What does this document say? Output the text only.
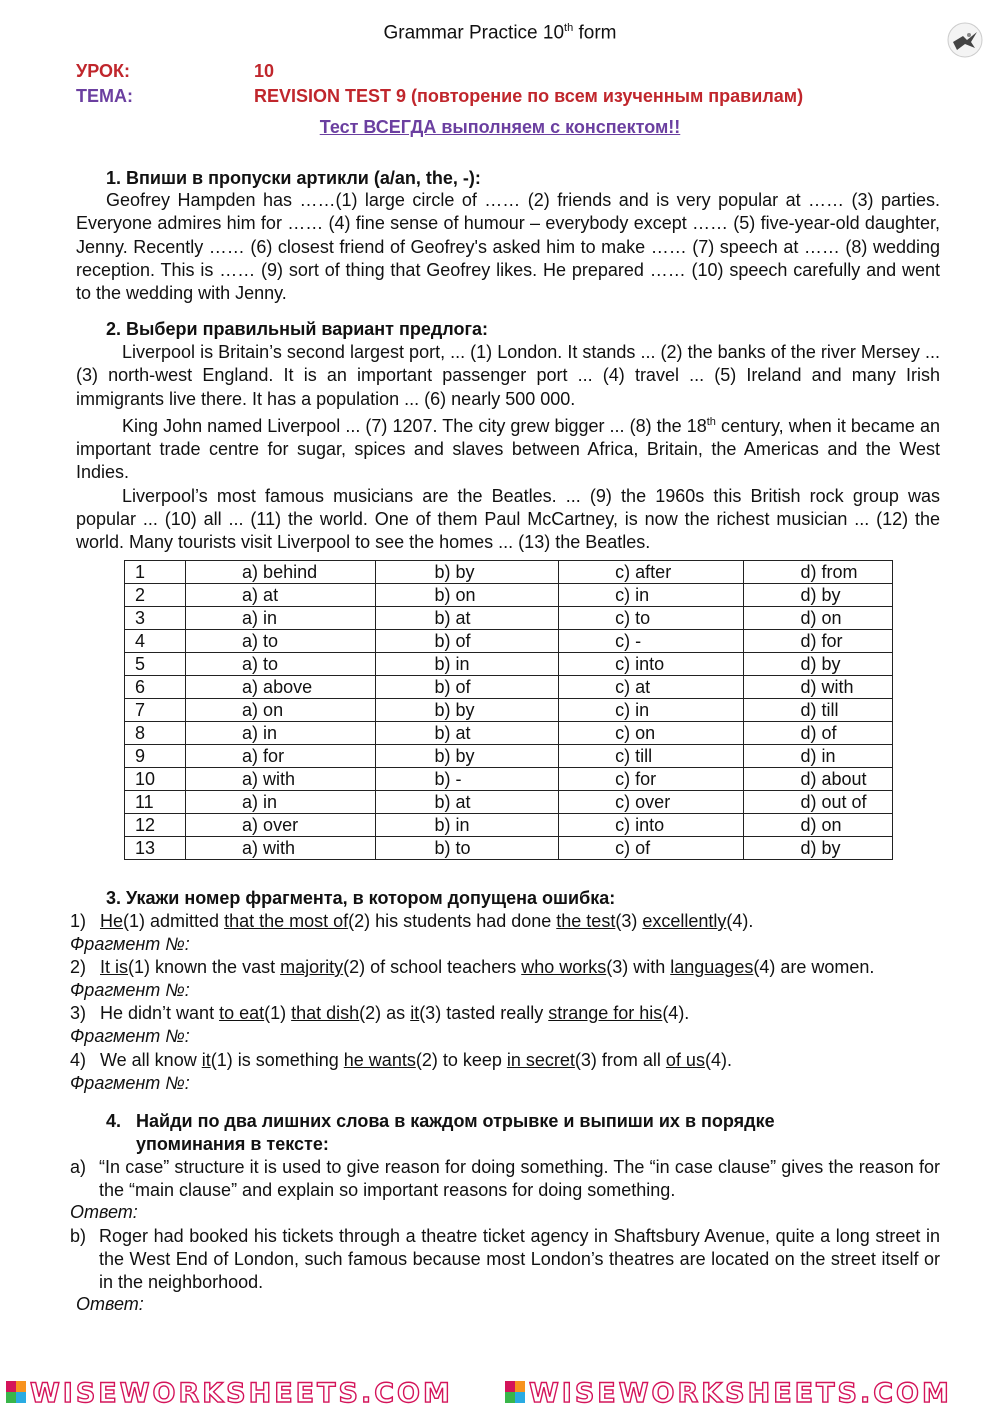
Grammar Practice 10th form
УРОК:	10
ТЕМА:	REVISION TEST 9 (повторение по всем изученным правилам)
Тест ВСЕГДА выполняем с конспектом!!
1. Впиши в пропуски артикли (a/an, the, -):

Geofrey Hampden has ……(1) large circle of …… (2) friends and is very popular at …… (3) parties. Everyone admires him for …… (4) fine sense of humour – everybody except …… (5) five-year-old daughter, Jenny. Recently …… (6) closest friend of Geofrey's asked him to make …… (7) speech at …… (8) wedding reception. This is …… (9) sort of thing that Geofrey likes. He prepared …… (10) speech carefully and went to the wedding with Jenny.

2. Выбери правильный вариант предлога:

Liverpool is Britain’s second largest port, ... (1) London. It stands ... (2) the banks of the river Mersey ... (3) north-west England. It is an important passenger port ... (4) travel ... (5) Ireland and many Irish immigrants live there. It has a population ... (6) nearly 500 000.

King John named Liverpool ... (7) 1207. The city grew bigger ... (8) the 18th century, when it became an important trade centre for sugar, spices and slaves between Africa, Britain, the Americas and the West Indies.

Liverpool’s most famous musicians are the Beatles. ... (9) the 1960s this British rock group was popular ... (10) all ... (11) the world. One of them Paul McCartney, is now the richest musician ... (12) the world. Many tourists visit Liverpool to see the homes ... (13) the Beatles.

1	a) behind	b) by	c) after	d) from
2	a) at	b) on	c) in	d) by
3	a) in	b) at	c) to	d) on
4	a) to	b) of	c) -	d) for
5	a) to	b) in	c) into	d) by
6	a) above	b) of	c) at	d) with
7	a) on	b) by	c) in	d) till
8	a) in	b) at	c) on	d) of
9	a) for	b) by	c) till	d) in
10	a) with	b) -	c) for	d) about
11	a) in	b) at	c) over	d) out of
12	a) over	b) in	c) into	d) on
13	a) with	b) to	c) of	d) by
3. Укажи номер фрагмента, в котором допущена ошибка:
1) He(1) admitted that the most of(2) his students had done the test(3) excellently(4).
Фрагмент №:
2) It is(1) known the vast majority(2) of school teachers who works(3) with languages(4) are women.
Фрагмент №:
3) He didn’t want to eat(1) that dish(2) as it(3) tasted really strange for his(4).
Фрагмент №:
4) We all know it(1) is something he wants(2) to keep in secret(3) from all of us(4).
Фрагмент №:
4. Найди по два лишних слова в каждом отрывке и выпиши их в порядке
упоминания в тексте:
a) “In case” structure it is used to give reason for doing something. The “in case clause” gives the reason for the “main clause” and explain so important reasons for doing something.
Ответ:
b) Roger had booked his tickets through a theatre ticket agency in Shaftsbury Avenue, quite a long street in the West End of London, such famous because most London’s theatres are located on the street itself or in the neighborhood.
Ответ:
WISEWORKSHEETS.COM	WISEWORKSHEETS.COM
